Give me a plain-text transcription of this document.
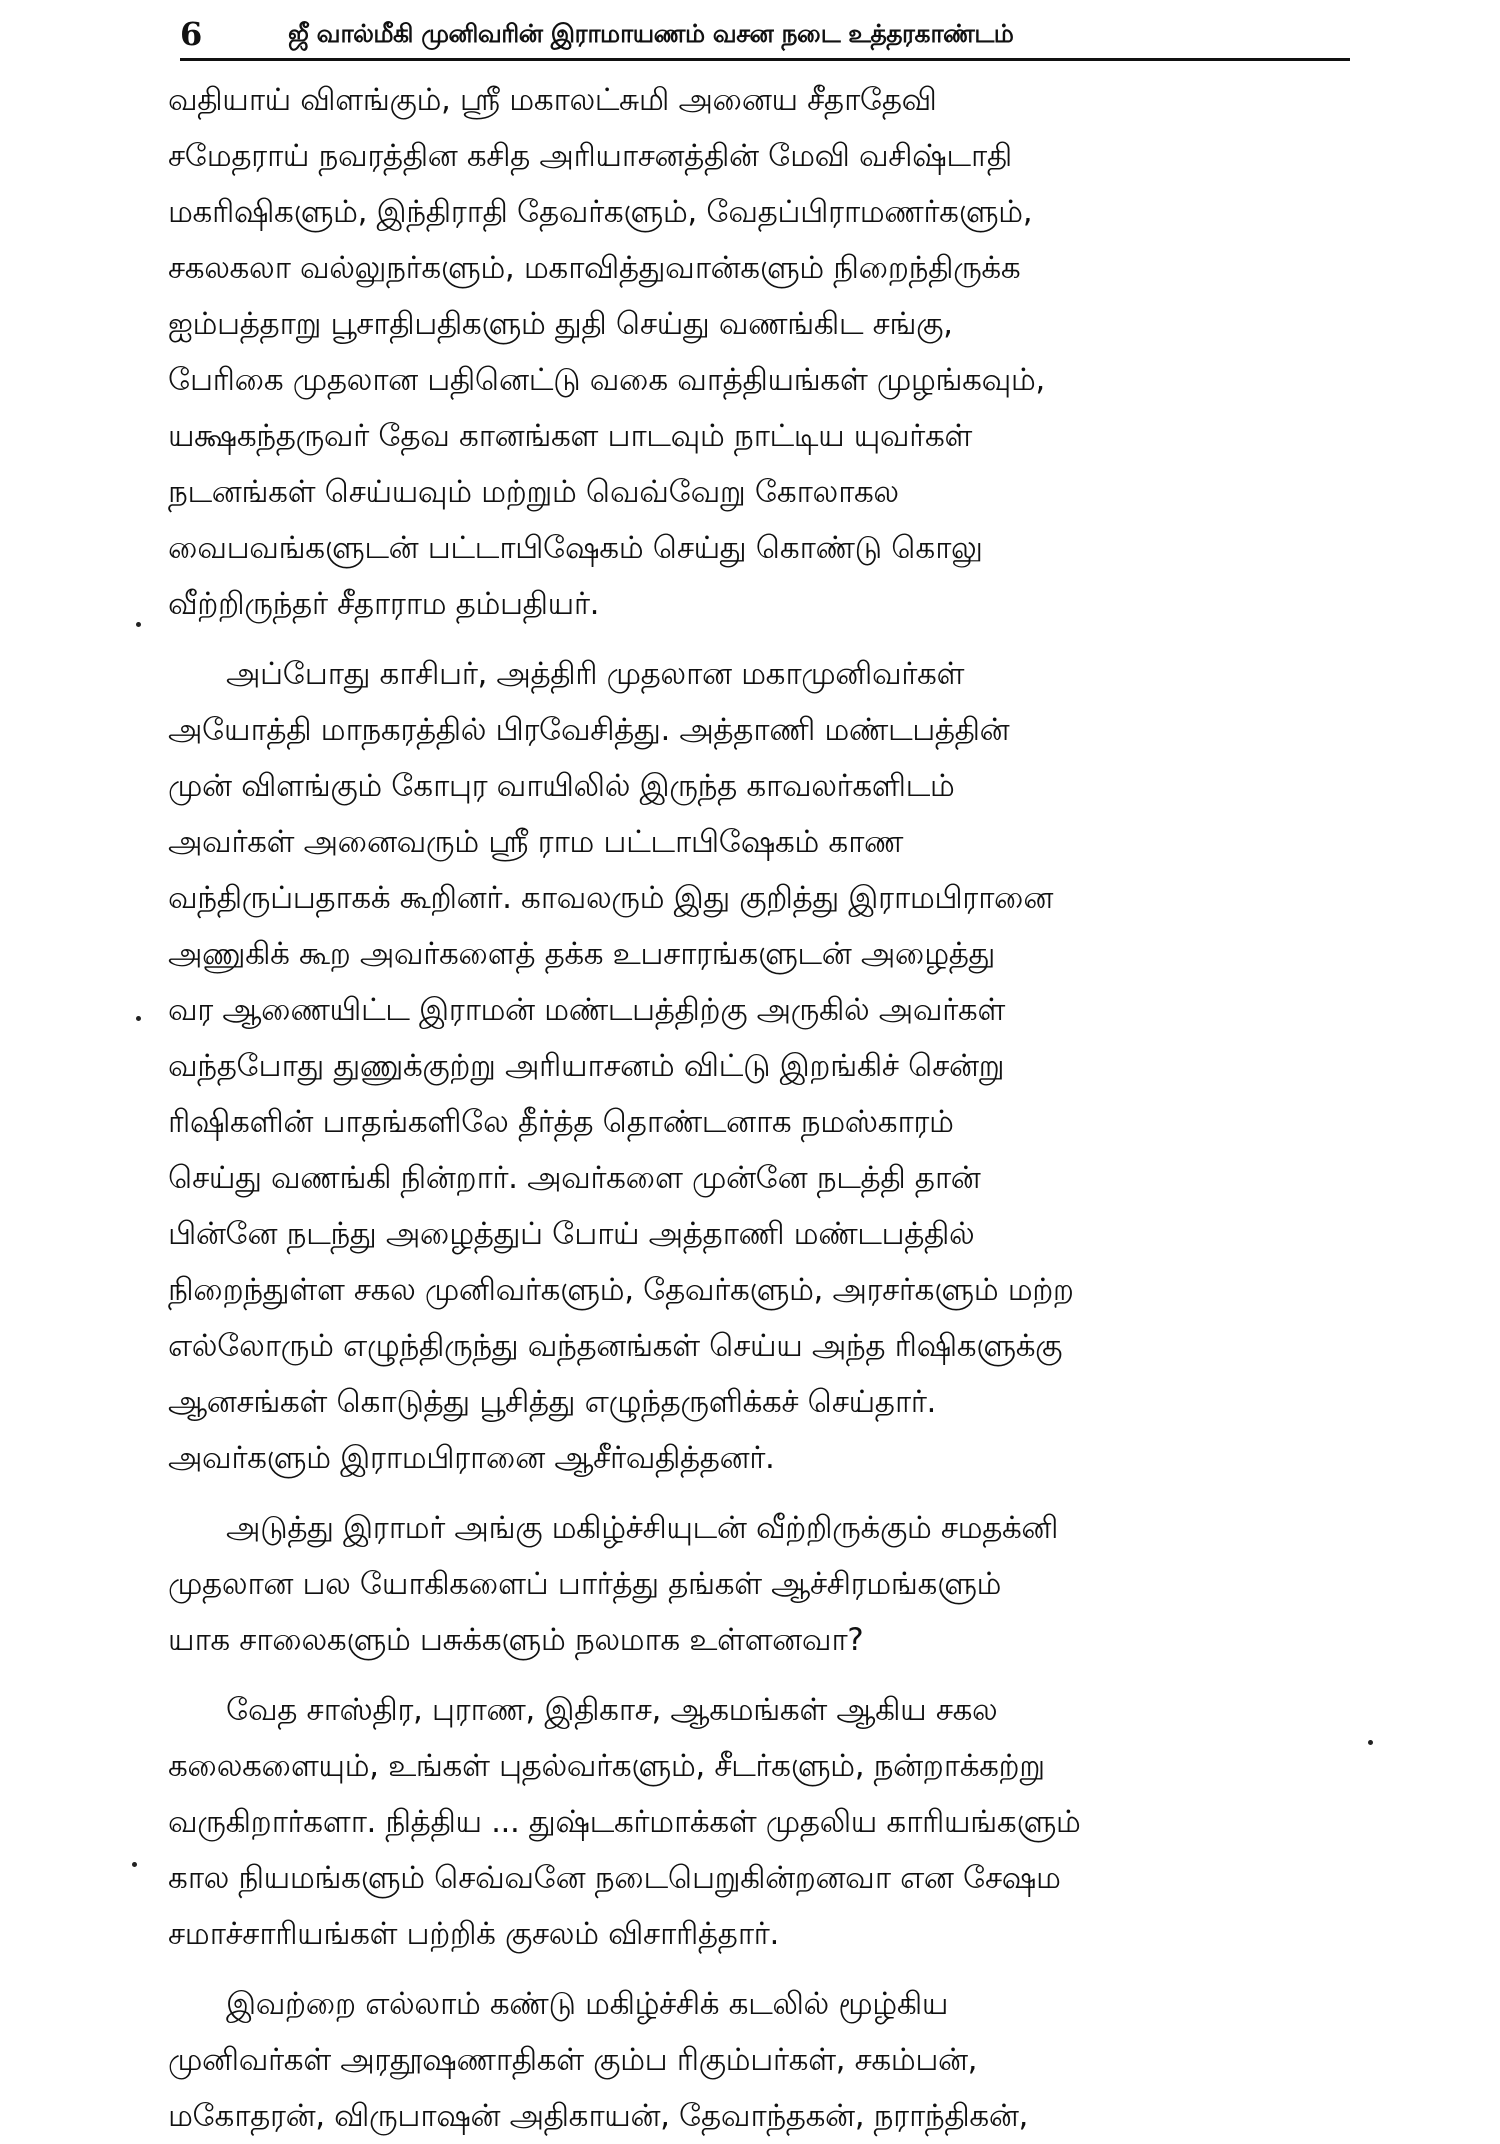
6	ஜீ வால்மீகி முனிவரின் இராமாயணம் வசன நடை உத்தரகாண்டம்
வதியாய் விளங்கும், ஸ்ரீ மகாலட்சுமி அனைய சீதாதேவி
சமேதராய் நவரத்தின கசித அரியாசனத்தின் மேவி வசிஷ்டாதி
மகரிஷிகளும், இந்திராதி தேவர்களும், வேதப்பிராமணர்களும்,
சகலகலா வல்லுநர்களும், மகாவித்துவான்களும் நிறைந்திருக்க
ஐம்பத்தாறு பூசாதிபதிகளும் துதி செய்து வணங்கிட சங்கு,
பேரிகை முதலான பதினெட்டு வகை வாத்தியங்கள் முழங்கவும்,
யக்ஷகந்தருவர் தேவ கானங்கள பாடவும் நாட்டிய யுவர்கள்
நடனங்கள் செய்யவும் மற்றும் வெவ்வேறு கோலாகல
வைபவங்களுடன் பட்டாபிஷேகம் செய்து கொண்டு கொலு
வீற்றிருந்தர் சீதாராம தம்பதியர்.
அப்போது காசிபர், அத்திரி முதலான மகாமுனிவர்கள்
அயோத்தி மாநகரத்தில் பிரவேசித்து. அத்தாணி மண்டபத்தின்
முன் விளங்கும் கோபுர வாயிலில் இருந்த காவலர்களிடம்
அவர்கள் அனைவரும் ஸ்ரீ ராம பட்டாபிஷேகம் காண
வந்திருப்பதாகக் கூறினர். காவலரும் இது குறித்து இராமபிரானை
அணுகிக் கூற அவர்களைத் தக்க உபசாரங்களுடன் அழைத்து
வர ஆணையிட்ட இராமன் மண்டபத்திற்கு அருகில் அவர்கள்
வந்தபோது துணுக்குற்று அரியாசனம் விட்டு இறங்கிச் சென்று
ரிஷிகளின் பாதங்களிலே தீர்த்த தொண்டனாக நமஸ்காரம்
செய்து வணங்கி நின்றார். அவர்களை முன்னே நடத்தி தான்
பின்னே நடந்து அழைத்துப் போய் அத்தாணி மண்டபத்தில்
நிறைந்துள்ள சகல முனிவர்களும், தேவர்களும், அரசர்களும் மற்ற
எல்லோரும் எழுந்திருந்து வந்தனங்கள் செய்ய அந்த ரிஷிகளுக்கு
ஆனசங்கள் கொடுத்து பூசித்து எழுந்தருளிக்கச் செய்தார்.
அவர்களும் இராமபிரானை ஆசீர்வதித்தனர்.
அடுத்து இராமர் அங்கு மகிழ்ச்சியுடன் வீற்றிருக்கும் சமதக்னி
முதலான பல யோகிகளைப் பார்த்து தங்கள் ஆச்சிரமங்களும்
யாக சாலைகளும் பசுக்களும் நலமாக உள்ளனவா?
வேத சாஸ்திர, புராண, இதிகாச, ஆகமங்கள் ஆகிய சகல
கலைகளையும், உங்கள் புதல்வர்களும், சீடர்களும், நன்றாக்கற்று
வருகிறார்களா. நித்திய ... துஷ்டகர்மாக்கள் முதலிய காரியங்களும்
கால நியமங்களும் செவ்வனே நடைபெறுகின்றனவா என சேஷம
சமாச்சாரியங்கள் பற்றிக் குசலம் விசாரித்தார்.
இவற்றை எல்லாம் கண்டு மகிழ்ச்சிக் கடலில் மூழ்கிய
முனிவர்கள் அரதூஷணாதிகள் கும்ப ரிகும்பர்கள், சகம்பன்,
மகோதரன், விருபாஷன் அதிகாயன், தேவாந்தகன், நராந்திகன்,
